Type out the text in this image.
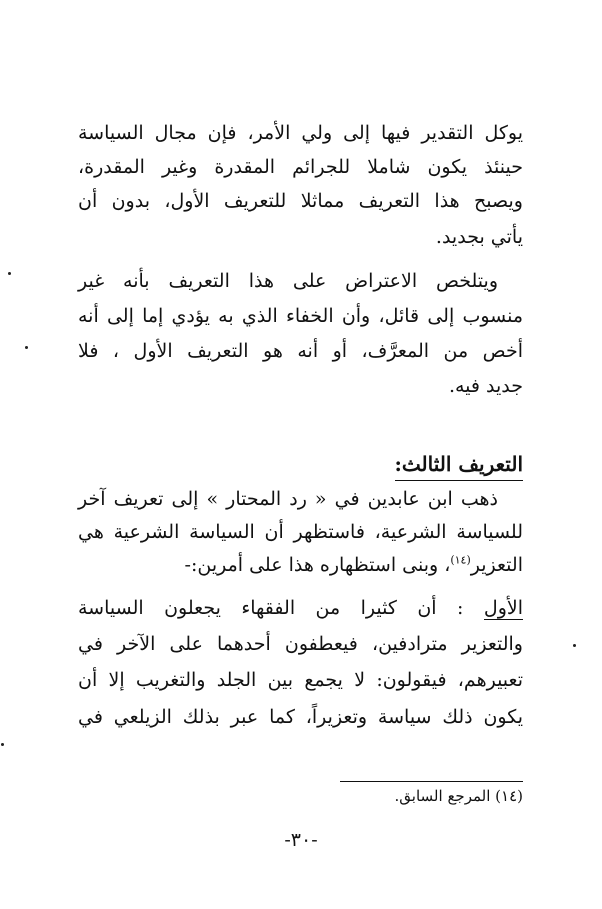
يوكل التقدير فيها إلى ولي الأمر، فإن مجال السياسة
حينئذ يكون شاملا للجرائم المقدرة وغير المقدرة،
ويصبح هذا التعريف مماثلا للتعريف الأول، بدون أن
يأتي بجديد.
ويتلخص الاعتراض على هذا التعريف بأنه غير
منسوب إلى قائل، وأن الخفاء الذي به يؤدي إما إلى أنه
أخص من المعرَّف، أو أنه هو التعريف الأول ، فلا
جديد فيه.
التعريف الثالث:
ذهب ابن عابدين في « رد المحتار » إلى تعريف آخر
للسياسة الشرعية، فاستظهر أن السياسة الشرعية هي
التعزير$^{(١٤)}$، وبنى استظهاره هذا على أمرين:-
الأول : أن كثيرا من الفقهاء يجعلون السياسة
والتعزير مترادفين، فيعطفون أحدهما على الآخر في
تعبيرهم، فيقولون: لا يجمع بين الجلد والتغريب إلا أن
يكون ذلك سياسة وتعزيراً، كما عبر بذلك الزيلعي في
(١٤) المرجع السابق.
-٣٠-
